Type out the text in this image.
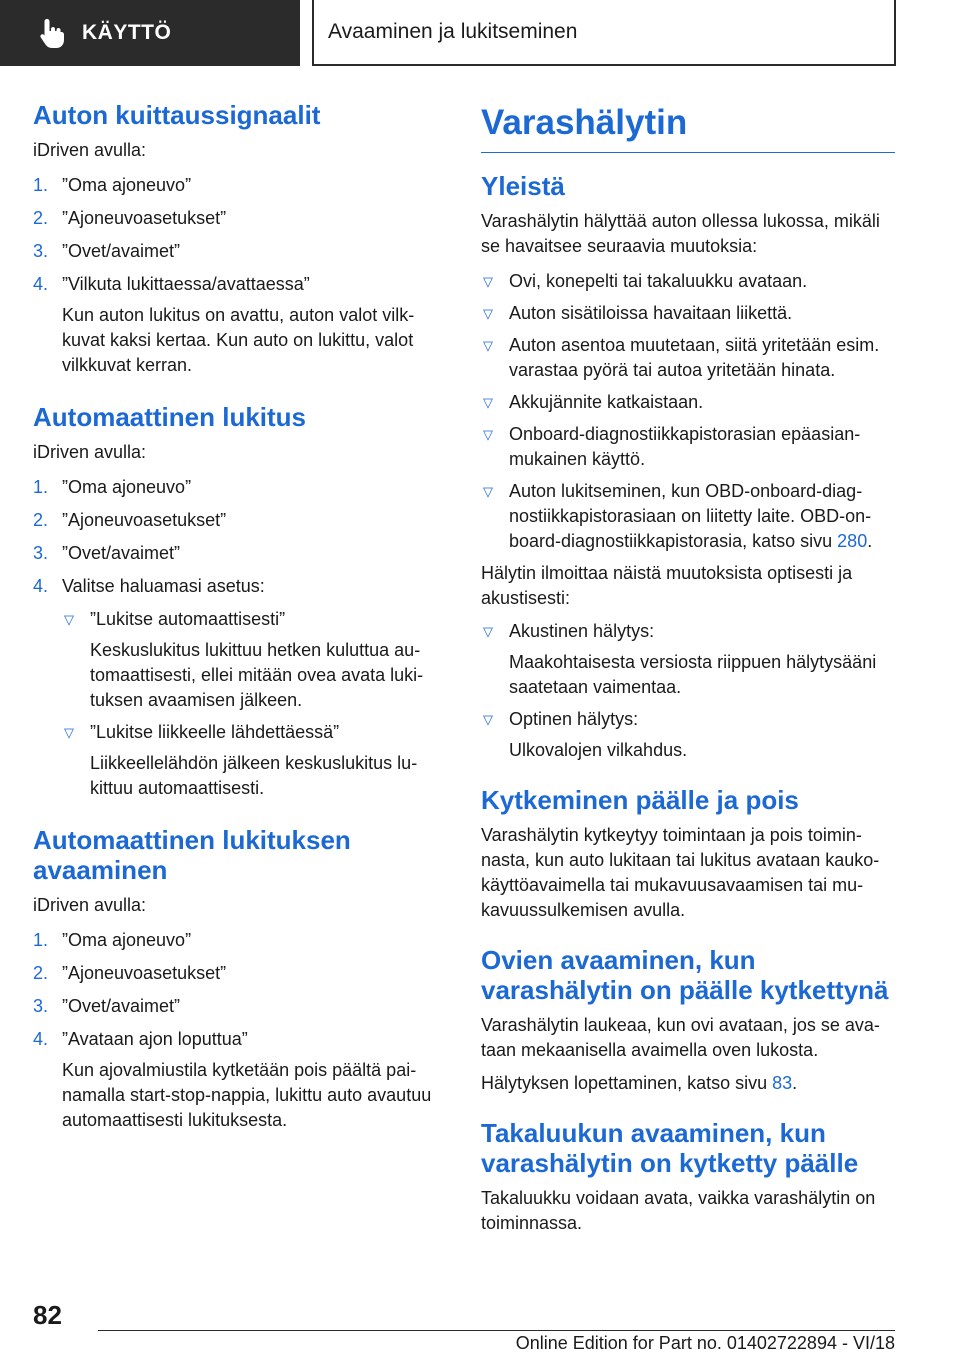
KÄYTTÖ	Avaaminen ja lukitseminen
Auton kuittaussignaalit

iDriven avulla:

1. ”Oma ajoneuvo”
2. ”Ajoneuvoasetukset”
3. ”Ovet/avaimet”
4. ”Vilkuta lukittaessa/avattaessa”
Kun auton lukitus on avattu, auton valot vilkkuvat kaksi kertaa. Kun auto on lukittu, valot vilkkuvat kerran.
Automaattinen lukitus

iDriven avulla:

1. ”Oma ajoneuvo”
2. ”Ajoneuvoasetukset”
3. ”Ovet/avaimet”
4. Valitse haluamasi asetus:
▽ ”Lukitse automaattisesti”
Keskuslukitus lukittuu hetken kuluttua automaattisesti, ellei mitään ovea avata lukituksen avaamisen jälkeen.
▽ ”Lukitse liikkeelle lähdettäessä”
Liikkeellelähdön jälkeen keskuslukitus lukittuu automaattisesti.
Automaattinen lukituksen avaaminen

iDriven avulla:

1. ”Oma ajoneuvo”
2. ”Ajoneuvoasetukset”
3. ”Ovet/avaimet”
4. ”Avataan ajon loputtua”
Kun ajovalmiustila kytketään pois päältä painamalla start-stop-nappia, lukittu auto avautuu automaattisesti lukituksesta.
Varashälytin
Yleistä

Varashälytin hälyttää auton ollessa lukossa, mikäli se havaitsee seuraavia muutoksia:

▽ Ovi, konepelti tai takaluukku avataan.
▽ Auton sisätiloissa havaitaan liikettä.
▽ Auton asentoa muutetaan, siitä yritetään esim. varastaa pyörä tai autoa yritetään hinata.
▽ Akkujännite katkaistaan.
▽ Onboard-diagnostiikkapistorasian epäasianmukainen käyttö.
▽ Auton lukitseminen, kun OBD-onboard-diagnostiikkapistorasiaan on liitetty laite. OBD-onboard-diagnostiikkapistorasia, katso sivu 280.

Hälytin ilmoittaa näistä muutoksista optisesti ja akustisesti:

▽ Akustinen hälytys:
Maakohtaisesta versiosta riippuen hälytysääni saatetaan vaimentaa.
▽ Optinen hälytys:
Ulkovalojen vilkahdus.
Kytkeminen päälle ja pois

Varashälytin kytkeytyy toimintaan ja pois toiminnasta, kun auto lukitaan tai lukitus avataan kaukokäyttöavaimella tai mukavuusavaamisen tai mukavuussulkemisen avulla.

Ovien avaaminen, kun varashälytin on päälle kytkettynä

Varashälytin laukeaa, kun ovi avataan, jos se avataan mekaanisella avaimella oven lukosta.

Hälytyksen lopettaminen, katso sivu 83.

Takaluukun avaaminen, kun varashälytin on kytketty päälle

Takaluukku voidaan avata, vaikka varashälytin on toiminnassa.

82
Online Edition for Part no. 01402722894 - VI/18
